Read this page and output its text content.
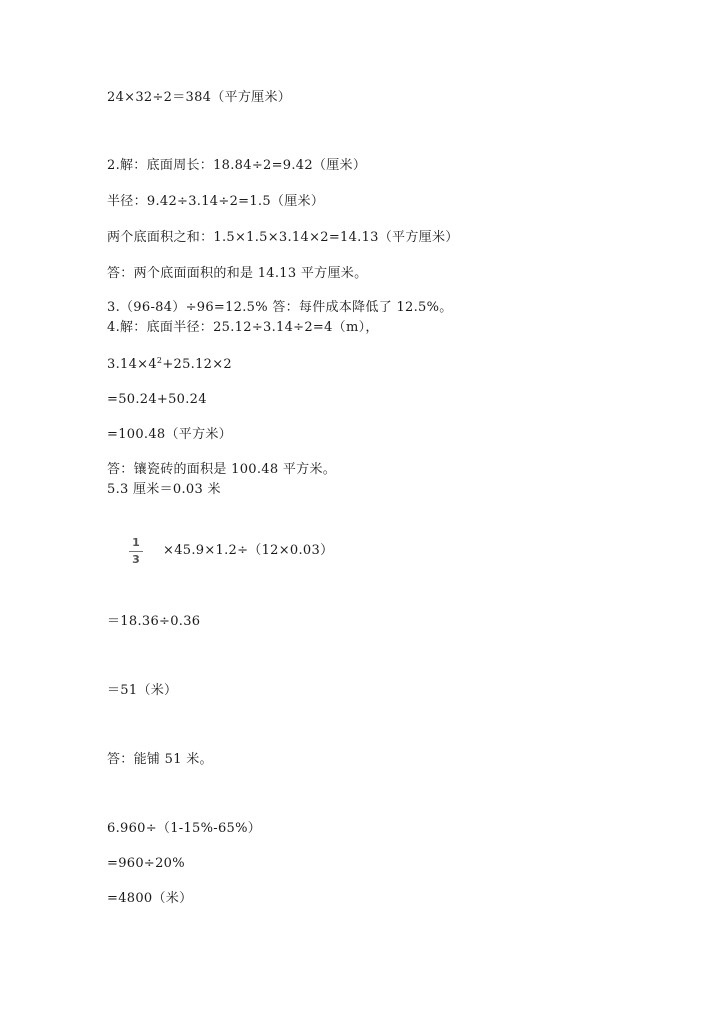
24×32÷2＝384（平方厘米）
2.解：底面周长：18.84÷2=9.42（厘米）
半径：9.42÷3.14÷2=1.5（厘米）
两个底面积之和：1.5×1.5×3.14×2=14.13（平方厘米）
答：两个底面面积的和是 14.13 平方厘米。
3.（96-84）÷96=12.5% 答：每件成本降低了 12.5%。
4.解：底面半径：25.12÷3.14÷2=4（m），
$3.14\times 4^2+25.12\times 2$
=50.24+50.24
=100.48（平方米）
答：镶瓷砖的面积是 100.48 平方米。
5.3 厘米＝0.03 米
1
3
×45.9×1.2÷（12×0.03）
＝18.36÷0.36
＝51（米）
答：能铺 51 米。
6.960÷（1-15%-65%）
=960÷20%
=4800（米）
